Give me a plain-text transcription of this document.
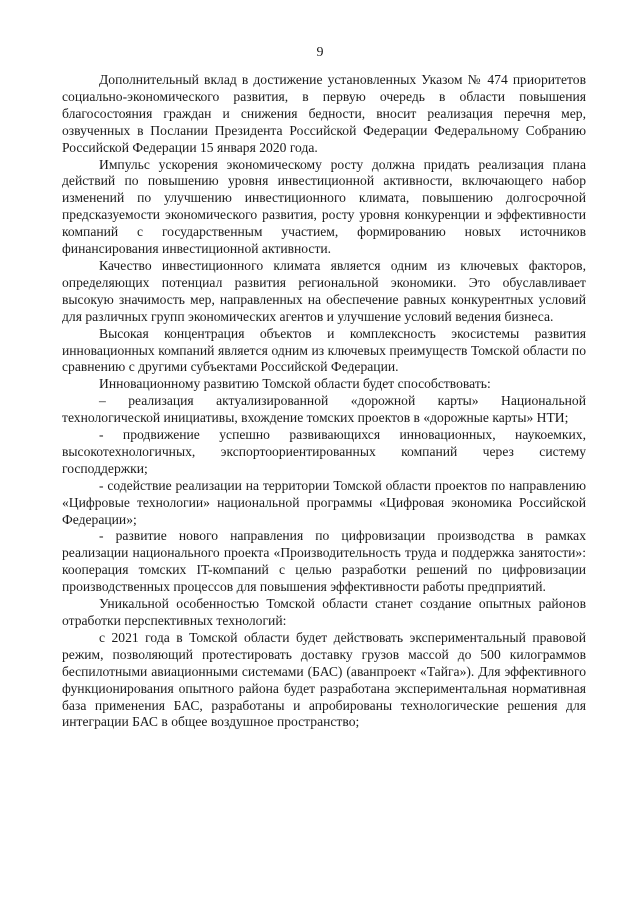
9

Дополнительный вклад в достижение установленных Указом № 474 приоритетов социально-экономического развития, в первую очередь в области повышения благосостояния граждан и снижения бедности, вносит реализация перечня мер, озвученных в Послании Президента Российской Федерации Федеральному Собранию Российской Федерации 15 января 2020 года.

Импульс ускорения экономическому росту должна придать реализация плана действий по повышению уровня инвестиционной активности, включающего набор изменений по улучшению инвестиционного климата, повышению долгосрочной предсказуемости экономического развития, росту уровня конкуренции и эффективности компаний с государственным участием, формированию новых источников финансирования инвестиционной активности.

Качество инвестиционного климата является одним из ключевых факторов, определяющих потенциал развития региональной экономики. Это обуславливает высокую значимость мер, направленных на обеспечение равных конкурентных условий для различных групп экономических агентов и улучшение условий ведения бизнеса.

Высокая концентрация объектов и комплексность экосистемы развития инновационных компаний является одним из ключевых преимуществ Томской области по сравнению с другими субъектами Российской Федерации.

Инновационному развитию Томской области будет способствовать:

– реализация актуализированной «дорожной карты» Национальной технологической инициативы, вхождение томских проектов в «дорожные карты» НТИ;

- продвижение успешно развивающихся инновационных, наукоемких, высокотехнологичных, экспортоориентированных компаний через систему господдержки;

- содействие реализации на территории Томской области проектов по направлению «Цифровые технологии» национальной программы «Цифровая экономика Российской Федерации»;

- развитие нового направления по цифровизации производства в рамках реализации национального проекта «Производительность труда и поддержка занятости»: кооперация томских IT-компаний с целью разработки решений по цифровизации производственных процессов для повышения эффективности работы предприятий.

Уникальной особенностью Томской области станет создание опытных районов отработки перспективных технологий:

с 2021 года в Томской области будет действовать экспериментальный правовой режим, позволяющий протестировать доставку грузов массой до 500 килограммов беспилотными авиационными системами (БАС) (аванпроект «Тайга»). Для эффективного функционирования опытного района будет разработана экспериментальная нормативная база применения БАС, разработаны и апробированы технологические решения для интеграции БАС в общее воздушное пространство;
